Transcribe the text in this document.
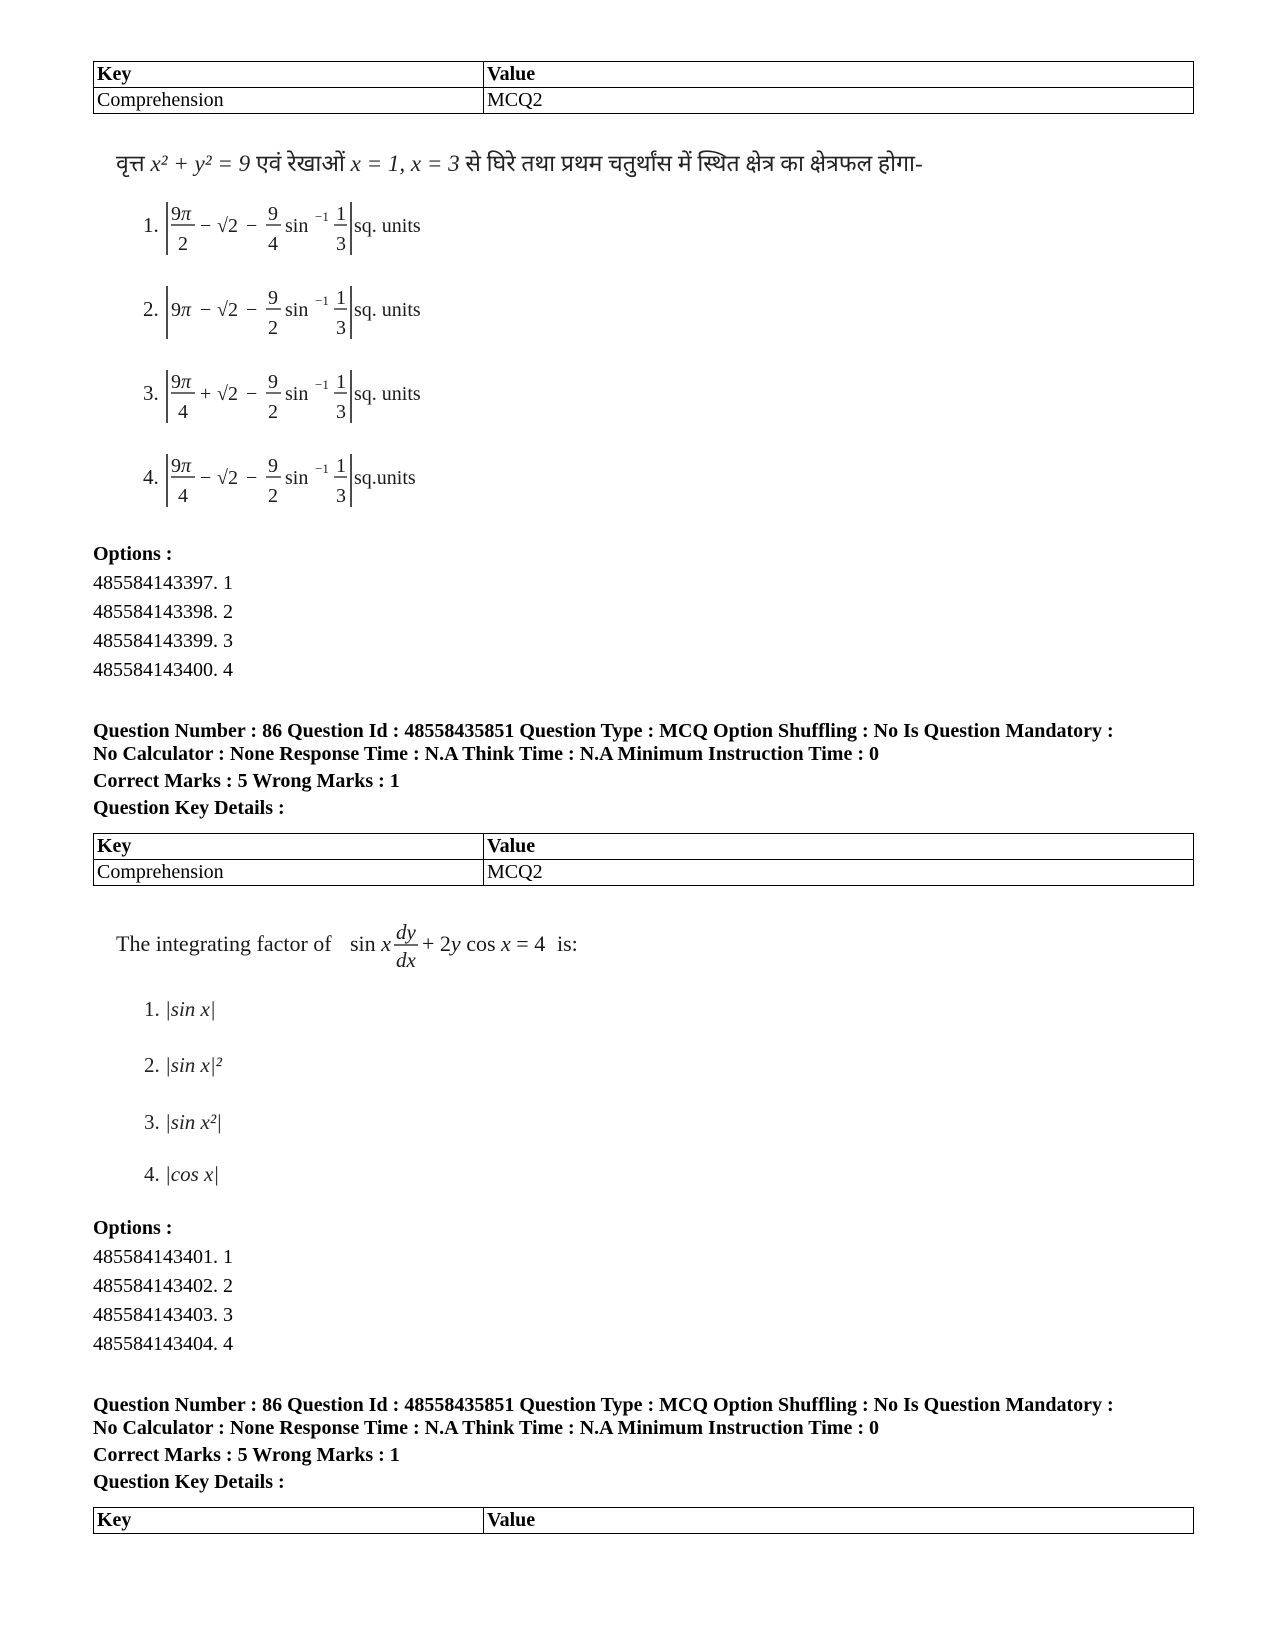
Key	Value
Comprehension	MCQ2
वृत्त x² + y² = 9 एवं रेखाओं x = 1, x = 3 से घिरे तथा प्रथम चतुर्थांस में स्थित क्षेत्र का क्षेत्रफल होगा-
1. 9π
2
− √2 −
9
4
sin −1 1
3
sq. units
2. 9π − √2 −
9
2
sin −1 1
3
sq. units
3. 9π
4
+ √2 −
9
2
sin −1 1
3
sq. units
4. 9π
4
− √2 −
9
2
sin −1 1
3
sq.units
Options :
485584143397. 1
485584143398. 2
485584143399. 3
485584143400. 4
Question Number : 86 Question Id : 48558435851 Question Type : MCQ Option Shuffling : No Is Question Mandatory :
No Calculator : None Response Time : N.A Think Time : N.A Minimum Instruction Time : 0
Correct Marks : 5 Wrong Marks : 1
Question Key Details :
Key	Value
Comprehension	MCQ2
The integrating factor of sin x dy
dx
+ 2y cos x = 4 is:
1. |sin x|
2. |sin x|²
3. |sin x²|
4. |cos x|
Options :
485584143401. 1
485584143402. 2
485584143403. 3
485584143404. 4
Question Number : 86 Question Id : 48558435851 Question Type : MCQ Option Shuffling : No Is Question Mandatory :
No Calculator : None Response Time : N.A Think Time : N.A Minimum Instruction Time : 0
Correct Marks : 5 Wrong Marks : 1
Question Key Details :
Key	Value
